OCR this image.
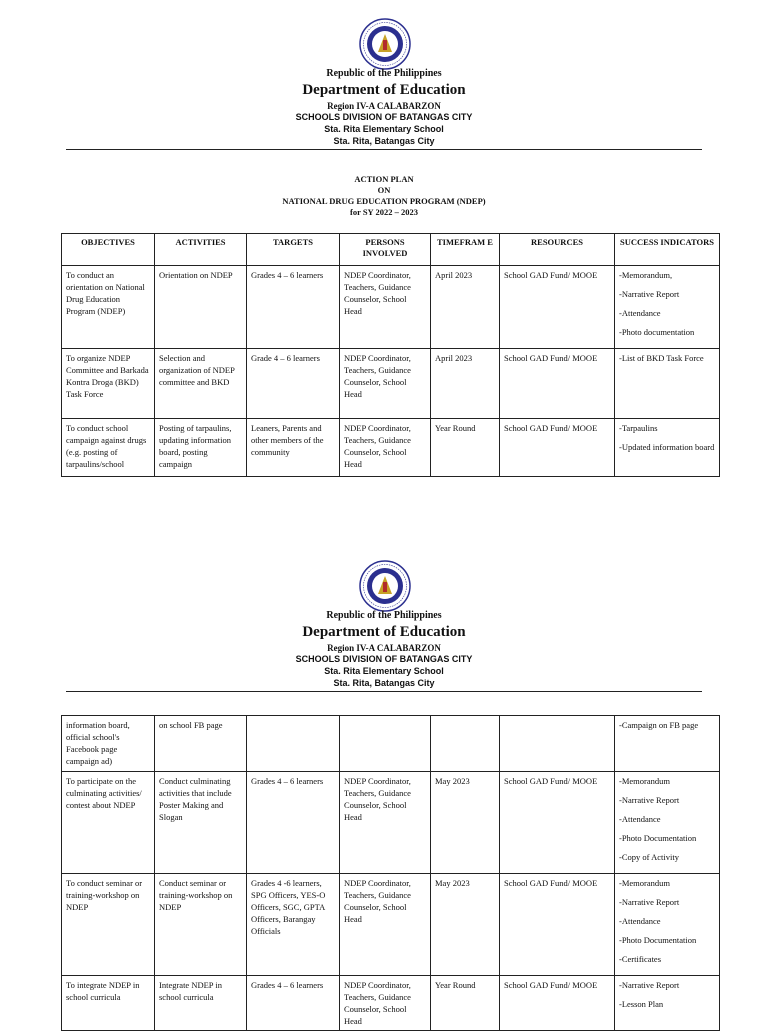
Republic of the Philippines
Department of Education
Region IV-A CALABARZON
SCHOOLS DIVISION OF BATANGAS CITY
Sta. Rita Elementary School
Sta. Rita, Batangas City
ACTION PLAN
ON
NATIONAL DRUG EDUCATION PROGRAM (NDEP)
for SY 2022 – 2023
OBJECTIVES	ACTIVITIES	TARGETS	PERSONS INVOLVED	TIMEFRAM E	RESOURCES	SUCCESS INDICATORS
To conduct an orientation on National Drug Education Program (NDEP)	Orientation on NDEP	Grades 4 – 6 learners	NDEP Coordinator, Teachers, Guidance Counselor, School Head	April 2023	School GAD Fund/ MOOE	-Memorandum,
-Narrative Report
-Attendance
-Photo documentation

To organize NDEP Committee and Barkada Kontra Droga (BKD) Task Force	Selection and organization of NDEP committee and BKD	Grade 4 – 6 learners	NDEP Coordinator, Teachers, Guidance Counselor, School Head	April 2023	School GAD Fund/ MOOE	-List of BKD Task Force

To conduct school campaign against drugs (e.g. posting of tarpaulins/school	Posting of tarpaulins, updating information board, posting campaign	Leaners, Parents and other members of the community	NDEP Coordinator, Teachers, Guidance Counselor, School Head	Year Round	School GAD Fund/ MOOE	-Tarpaulins
-Updated information board
Republic of the Philippines
Department of Education
Region IV-A CALABARZON
SCHOOLS DIVISION OF BATANGAS CITY
Sta. Rita Elementary School
Sta. Rita, Batangas City
information board, official school's Facebook page campaign ad)	on school FB page					-Campaign on FB page

To participate on the culminating activities/ contest about NDEP	Conduct culminating activities that include Poster Making and Slogan	Grades 4 – 6 learners	NDEP Coordinator, Teachers, Guidance Counselor, School Head	May 2023	School GAD Fund/ MOOE	-Memorandum
-Narrative Report
-Attendance
-Photo Documentation
-Copy of Activity

To conduct seminar or training-workshop on NDEP	Conduct seminar or training-workshop on NDEP	Grades 4 -6 learners, SPG Officers, YES-O Officers, SGC, GPTA Officers, Barangay Officials	NDEP Coordinator, Teachers, Guidance Counselor, School Head	May 2023	School GAD Fund/ MOOE	-Memorandum
-Narrative Report
-Attendance
-Photo Documentation
-Certificates

To integrate NDEP in school curricula	Integrate NDEP in school curricula	Grades 4 – 6 learners	NDEP Coordinator, Teachers, Guidance Counselor, School Head	Year Round	School GAD Fund/ MOOE	-Narrative Report
-Lesson Plan
